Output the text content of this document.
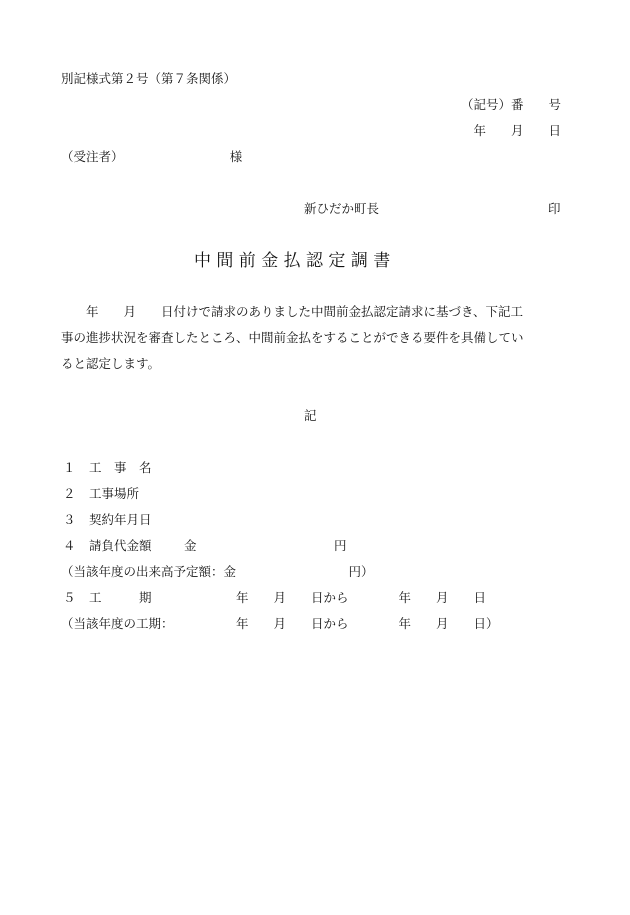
別記様式第２号（第７条関係）
（記号）番　　号
年　　月　　日
（受注者）　　　　　　　　　様
新ひだか町長	印
中 間 前 金 払 認 定 調 書
　　年　　月　　日付けで請求のありました中間前金払認定請求に基づき、下記工
事の進捗状況を審査したところ、中間前金払をすることができる要件を具備してい
ると認定します。
記
１ 工　事　名
２ 工事場所
３ 契約年月日
４ 請負代金額	金　　　　　　　　　　　円
（当該年度の出来高予定額：金　　　　　　　　　円）
５ 工　　　期	年　　月　　日から　　　　年　　月　　日
（当該年度の工期：	年　　月　　日から　　　　年　　月　　日）
